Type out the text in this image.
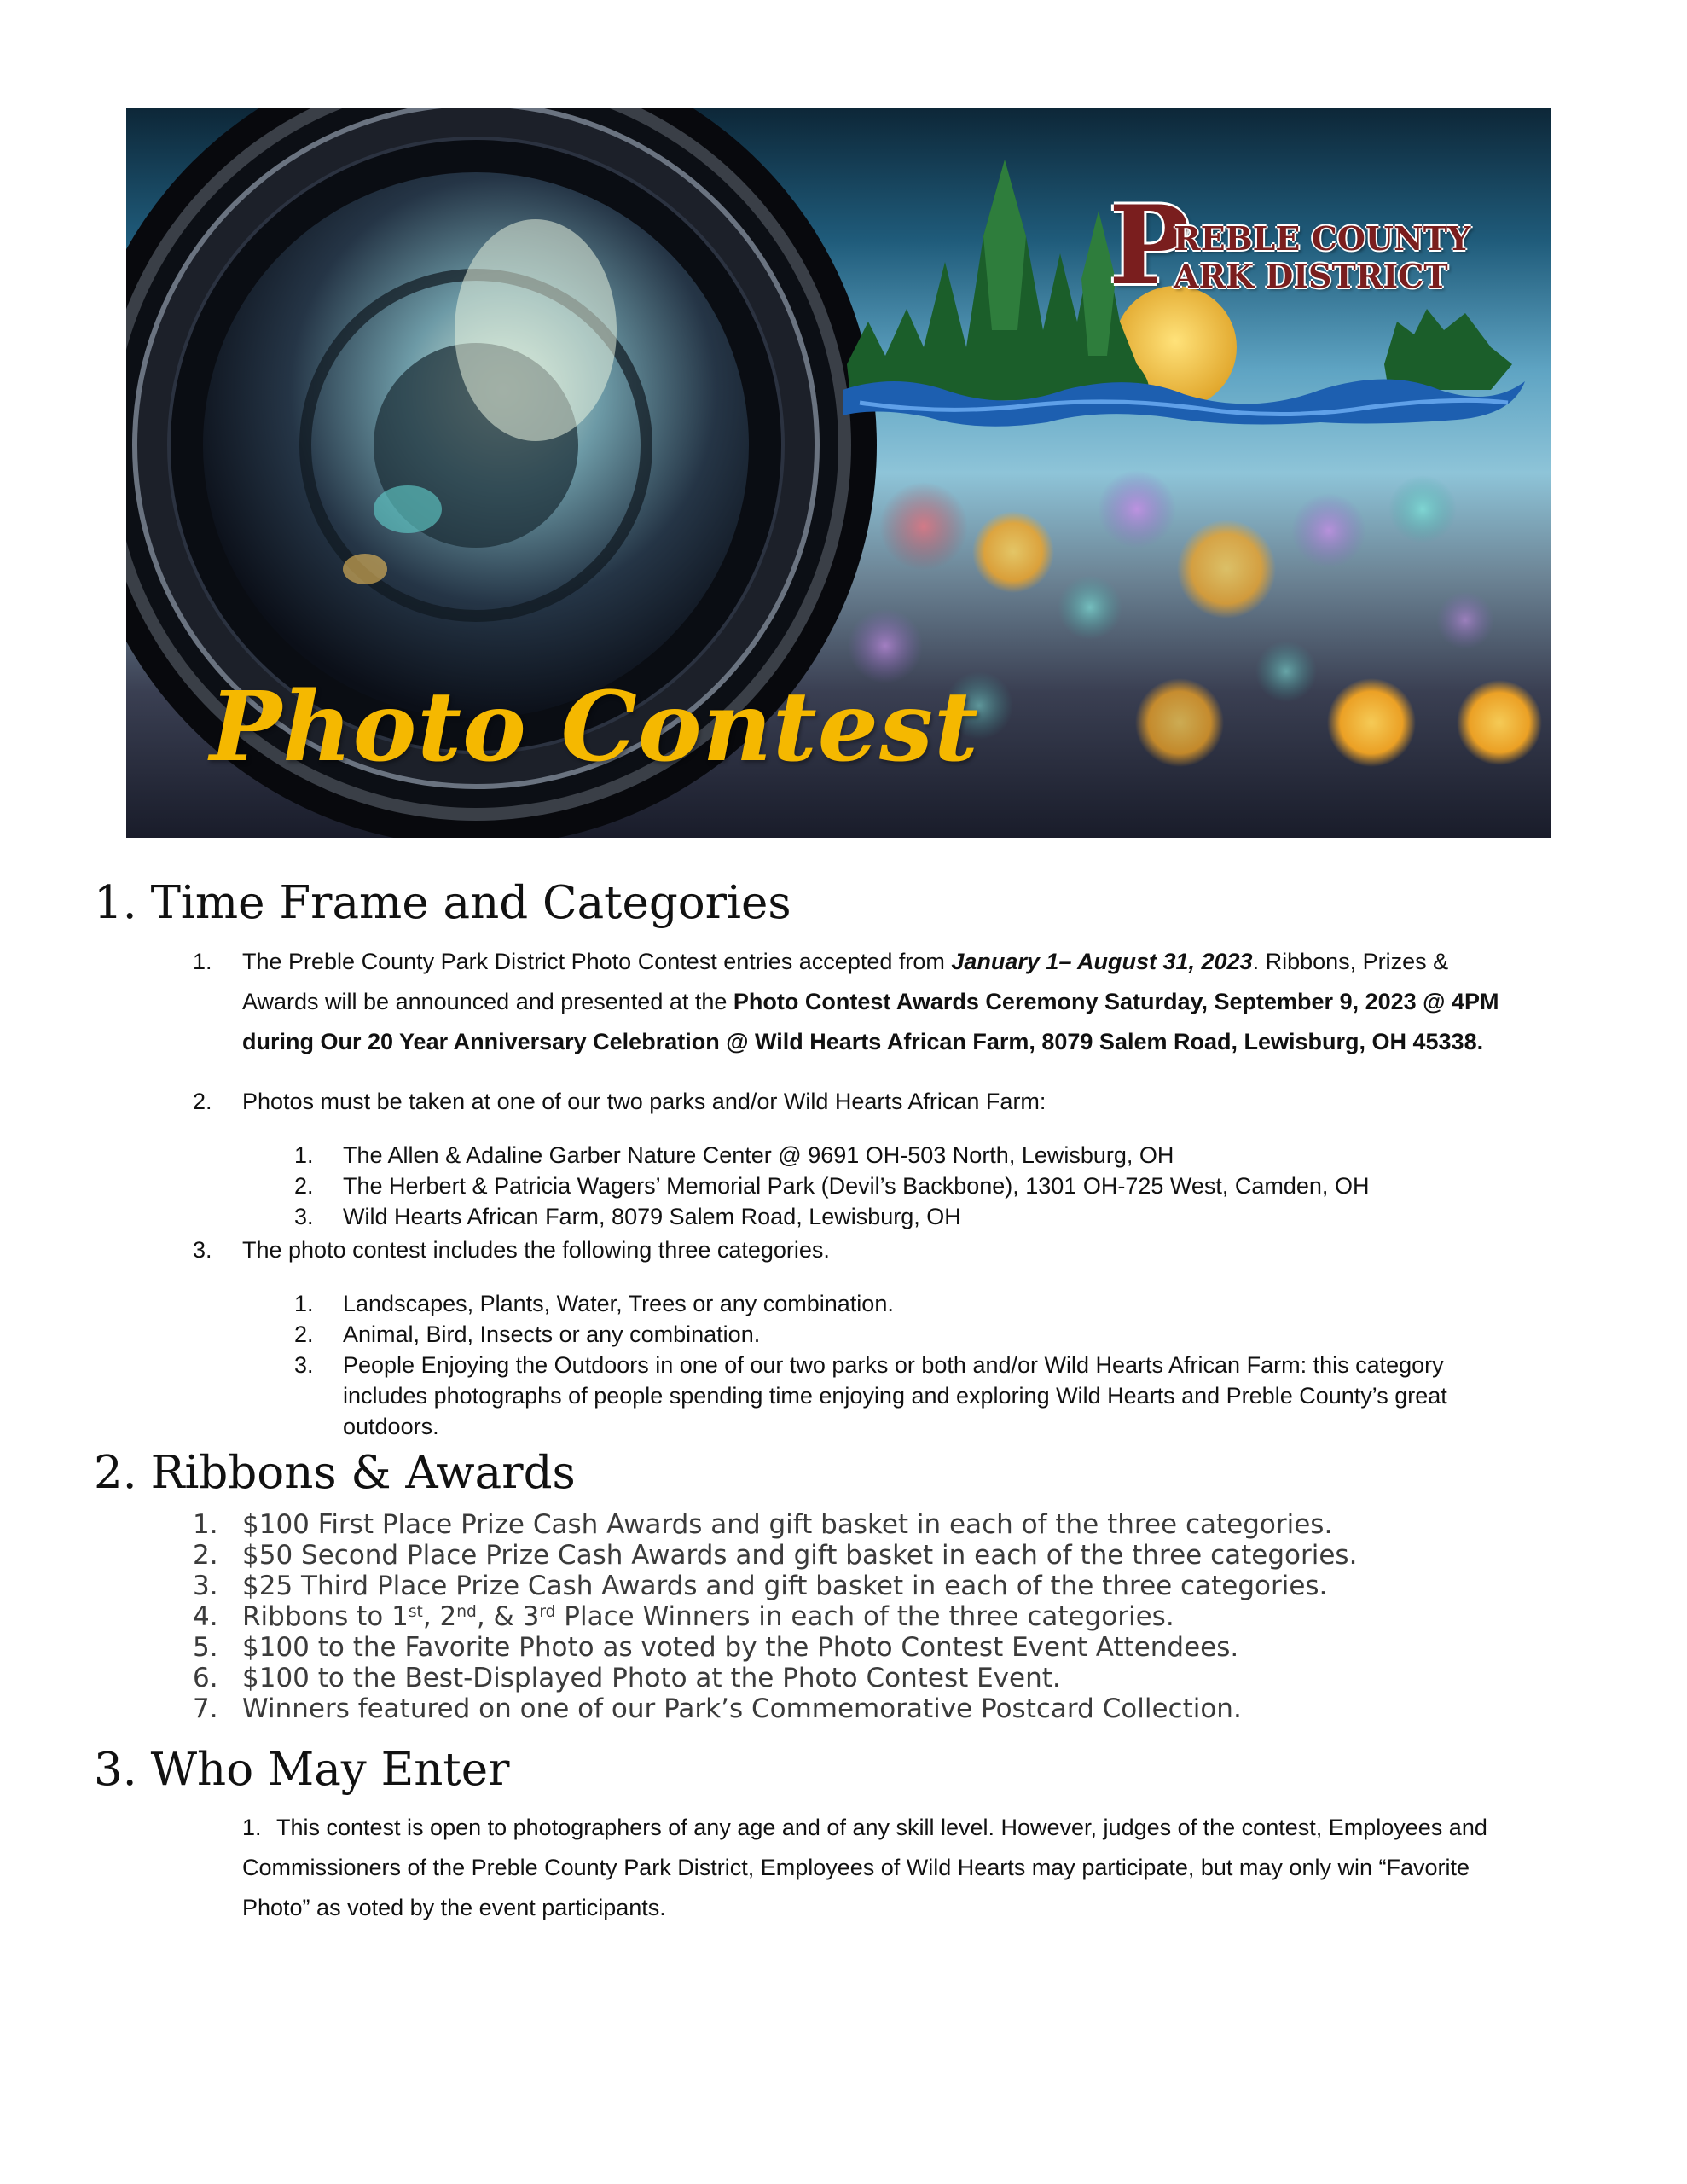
P
REBLE COUNTY
ARK DISTRICT
Photo Contest
1. Time Frame and Categories
1. The Preble County Park District Photo Contest entries accepted from January 1– August 31, 2023. Ribbons, Prizes &
Awards will be announced and presented at the Photo Contest Awards Ceremony Saturday, September 9, 2023 @ 4PM
during Our 20 Year Anniversary Celebration @ Wild Hearts African Farm, 8079 Salem Road, Lewisburg, OH 45338.
2. Photos must be taken at one of our two parks and/or Wild Hearts African Farm:
1. The Allen & Adaline Garber Nature Center @ 9691 OH-503 North, Lewisburg, OH
2. The Herbert & Patricia Wagers’ Memorial Park (Devil’s Backbone), 1301 OH-725 West, Camden, OH
3. Wild Hearts African Farm, 8079 Salem Road, Lewisburg, OH
3. The photo contest includes the following three categories.
1. Landscapes, Plants, Water, Trees or any combination.
2. Animal, Bird, Insects or any combination.
3. People Enjoying the Outdoors in one of our two parks or both and/or Wild Hearts African Farm: this category
includes photographs of people spending time enjoying and exploring Wild Hearts and Preble County’s great
outdoors.
2. Ribbons & Awards
1. $100 First Place Prize Cash Awards and gift basket in each of the three categories.
2. $50 Second Place Prize Cash Awards and gift basket in each of the three categories.
3. $25 Third Place Prize Cash Awards and gift basket in each of the three categories.
4. Ribbons to 1st, 2nd, & 3rd Place Winners in each of the three categories.
5. $100 to the Favorite Photo as voted by the Photo Contest Event Attendees.
6. $100 to the Best-Displayed Photo at the Photo Contest Event.
7. Winners featured on one of our Park’s Commemorative Postcard Collection.
3. Who May Enter
1. This contest is open to photographers of any age and of any skill level. However, judges of the contest, Employees and
Commissioners of the Preble County Park District, Employees of Wild Hearts may participate, but may only win “Favorite
Photo” as voted by the event participants.
